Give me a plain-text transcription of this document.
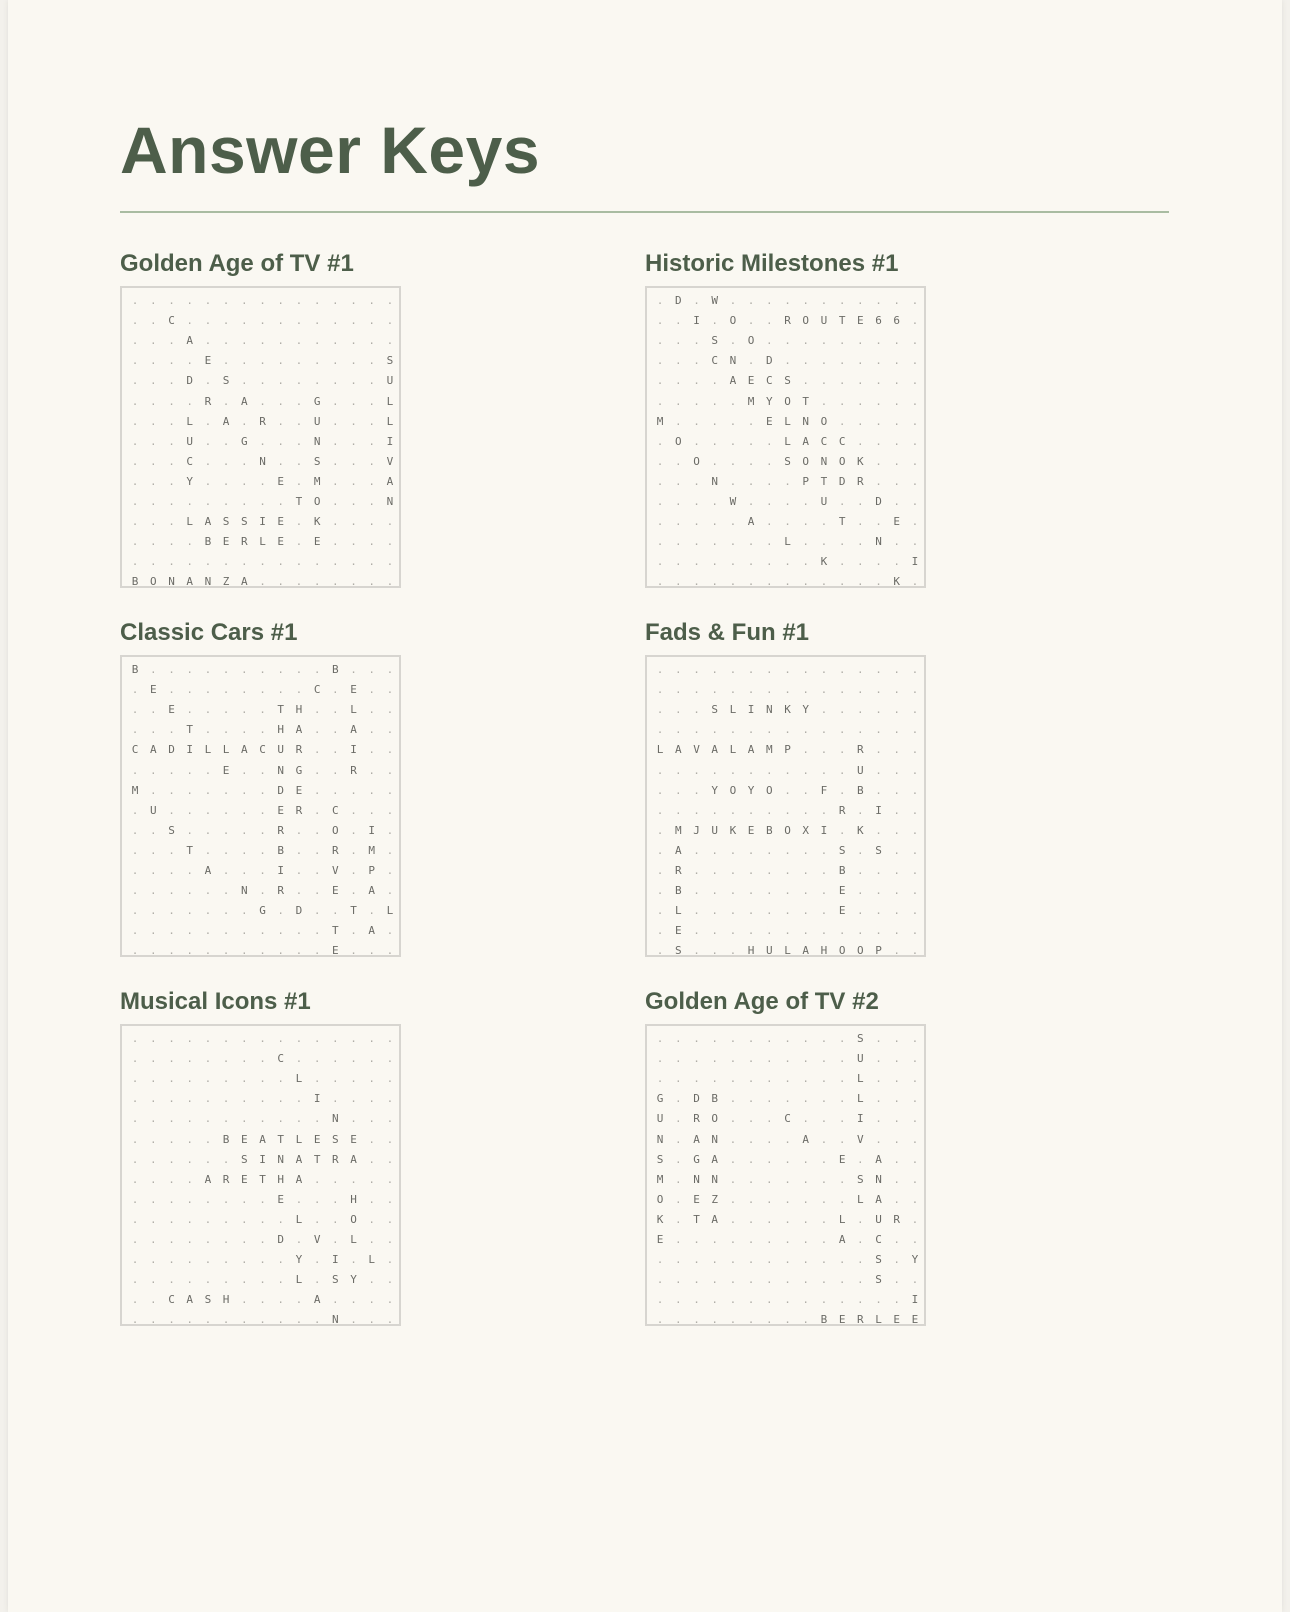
Answer Keys
Golden Age of TV #1
.	.	.	.	.	.	.	.	.	.	.	.	.	.	.
.	.	C	.	.	.	.	.	.	.	.	.	.	.	.
.	.	.	A	.	.	.	.	.	.	.	.	.	.	.
.	.	.	.	E	.	.	.	.	.	.	.	.	.	S
.	.	.	D	.	S	.	.	.	.	.	.	.	.	U
.	.	.	.	R	.	A	.	.	.	G	.	.	.	L
.	.	.	L	.	A	.	R	.	.	U	.	.	.	L
.	.	.	U	.	.	G	.	.	.	N	.	.	.	I
.	.	.	C	.	.	.	N	.	.	S	.	.	.	V
.	.	.	Y	.	.	.	.	E	.	M	.	.	.	A
.	.	.	.	.	.	.	.	.	T	O	.	.	.	N
.	.	.	L	A	S	S	I	E	.	K	.	.	.	.
.	.	.	.	B	E	R	L	E	.	E	.	.	.	.
.	.	.	.	.	.	.	.	.	.	.	.	.	.	.
B	O	N	A	N	Z	A	.	.	.	.	.	.	.	.
Historic Milestones #1
.	D	.	W	.	.	.	.	.	.	.	.	.	.	.
.	.	I	.	O	.	.	R	O	U	T	E	6	6	.
.	.	.	S	.	O	.	.	.	.	.	.	.	.	.
.	.	.	C	N	.	D	.	.	.	.	.	.	.	.
.	.	.	.	A	E	C	S	.	.	.	.	.	.	.
.	.	.	.	.	M	Y	O	T	.	.	.	.	.	.
M	.	.	.	.	.	E	L	N	O	.	.	.	.	.
.	O	.	.	.	.	.	L	A	C	C	.	.	.	.
.	.	O	.	.	.	.	S	O	N	O	K	.	.	.
.	.	.	N	.	.	.	.	P	T	D	R	.	.	.
.	.	.	.	W	.	.	.	.	U	.	.	D	.	.
.	.	.	.	.	A	.	.	.	.	T	.	.	E	.
.	.	.	.	.	.	.	L	.	.	.	.	N	.	.
.	.	.	.	.	.	.	.	.	K	.	.	.	.	I
.	.	.	.	.	.	.	.	.	.	.	.	.	K	.
Classic Cars #1
B	.	.	.	.	.	.	.	.	.	.	B	.	.	.
.	E	.	.	.	.	.	.	.	.	C	.	E	.	.
.	.	E	.	.	.	.	.	T	H	.	.	L	.	.
.	.	.	T	.	.	.	.	H	A	.	.	A	.	.
C	A	D	I	L	L	A	C	U	R	.	.	I	.	.
.	.	.	.	.	E	.	.	N	G	.	.	R	.	.
M	.	.	.	.	.	.	.	D	E	.	.	.	.	.
.	U	.	.	.	.	.	.	E	R	.	C	.	.	.
.	.	S	.	.	.	.	.	R	.	.	O	.	I	.
.	.	.	T	.	.	.	.	B	.	.	R	.	M	.
.	.	.	.	A	.	.	.	I	.	.	V	.	P	.
.	.	.	.	.	.	N	.	R	.	.	E	.	A	.
.	.	.	.	.	.	.	G	.	D	.	.	T	.	L
.	.	.	.	.	.	.	.	.	.	.	T	.	A	.
.	.	.	.	.	.	.	.	.	.	.	E	.	.	.
Fads & Fun #1
.	.	.	.	.	.	.	.	.	.	.	.	.	.	.
.	.	.	.	.	.	.	.	.	.	.	.	.	.	.
.	.	.	S	L	I	N	K	Y	.	.	.	.	.	.
.	.	.	.	.	.	.	.	.	.	.	.	.	.	.
L	A	V	A	L	A	M	P	.	.	.	R	.	.	.
.	.	.	.	.	.	.	.	.	.	.	U	.	.	.
.	.	.	Y	O	Y	O	.	.	F	.	B	.	.	.
.	.	.	.	.	.	.	.	.	.	R	.	I	.	.
.	M	J	U	K	E	B	O	X	I	.	K	.	.	.
.	A	.	.	.	.	.	.	.	.	S	.	S	.	.
.	R	.	.	.	.	.	.	.	.	B	.	.	.	.
.	B	.	.	.	.	.	.	.	.	E	.	.	.	.
.	L	.	.	.	.	.	.	.	.	E	.	.	.	.
.	E	.	.	.	.	.	.	.	.	.	.	.	.	.
.	S	.	.	.	H	U	L	A	H	O	O	P	.	.
Musical Icons #1
.	.	.	.	.	.	.	.	.	.	.	.	.	.	.
.	.	.	.	.	.	.	.	C	.	.	.	.	.	.
.	.	.	.	.	.	.	.	.	L	.	.	.	.	.
.	.	.	.	.	.	.	.	.	.	I	.	.	.	.
.	.	.	.	.	.	.	.	.	.	.	N	.	.	.
.	.	.	.	.	B	E	A	T	L	E	S	E	.	.
.	.	.	.	.	.	S	I	N	A	T	R	A	.	.
.	.	.	.	A	R	E	T	H	A	.	.	.	.	.
.	.	.	.	.	.	.	.	E	.	.	.	H	.	.
.	.	.	.	.	.	.	.	.	L	.	.	O	.	.
.	.	.	.	.	.	.	.	D	.	V	.	L	.	.
.	.	.	.	.	.	.	.	.	Y	.	I	.	L	.
.	.	.	.	.	.	.	.	.	L	.	S	Y	.	.
.	.	C	A	S	H	.	.	.	.	A	.	.	.	.
.	.	.	.	.	.	.	.	.	.	.	N	.	.	.
Golden Age of TV #2
.	.	.	.	.	.	.	.	.	.	.	S	.	.	.
.	.	.	.	.	.	.	.	.	.	.	U	.	.	.
.	.	.	.	.	.	.	.	.	.	.	L	.	.	.
G	.	D	B	.	.	.	.	.	.	.	L	.	.	.
U	.	R	O	.	.	.	C	.	.	.	I	.	.	.
N	.	A	N	.	.	.	.	A	.	.	V	.	.	.
S	.	G	A	.	.	.	.	.	.	E	.	A	.	.
M	.	N	N	.	.	.	.	.	.	.	S	N	.	.
O	.	E	Z	.	.	.	.	.	.	.	L	A	.	.
K	.	T	A	.	.	.	.	.	.	L	.	U	R	.
E	.	.	.	.	.	.	.	.	.	A	.	C	.	.
.	.	.	.	.	.	.	.	.	.	.	.	S	.	Y
.	.	.	.	.	.	.	.	.	.	.	.	S	.	.
.	.	.	.	.	.	.	.	.	.	.	.	.	.	I
.	.	.	.	.	.	.	.	.	B	E	R	L	E	E
